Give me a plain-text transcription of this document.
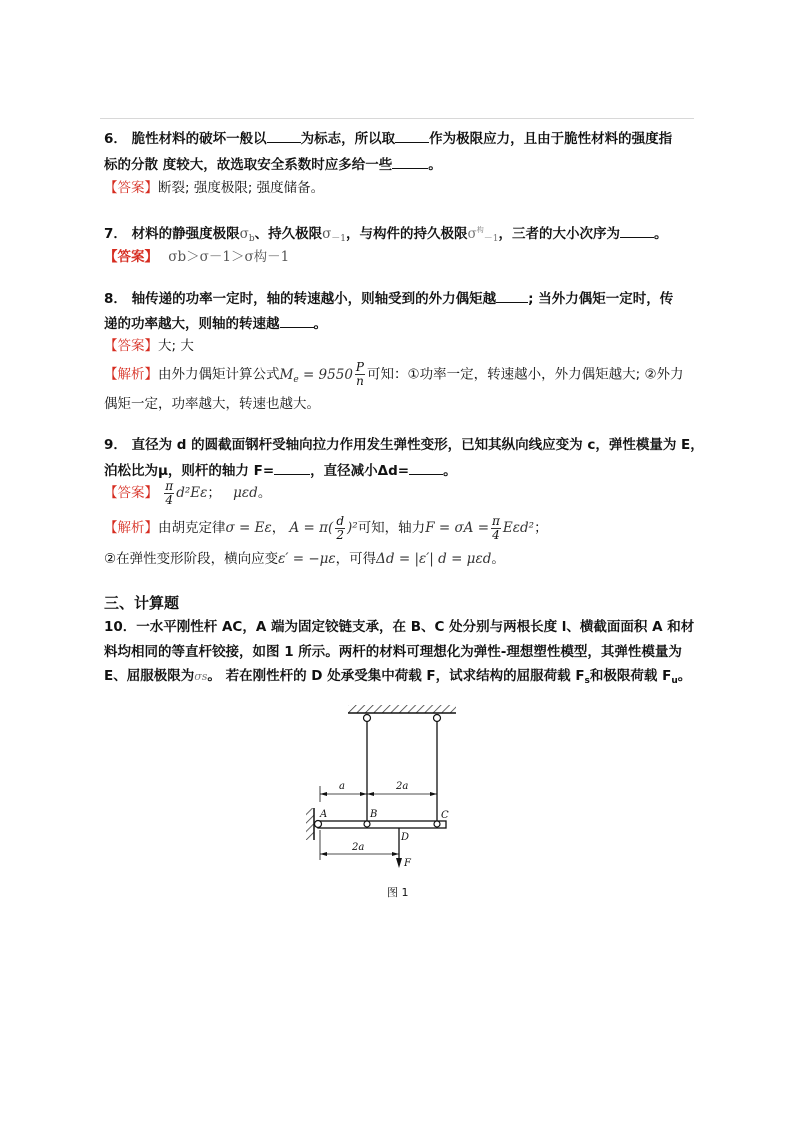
6． 脆性材料的破坏一般以	为标志，所以取	作为极限应力，且由于脆性材料的强度指
标的分散 度较大，故选取安全系数时应多给一些	。
【答案】断裂; 强度极限; 强度储备。
7． 材料的静强度极限$\sigma_b$、持久极限$\sigma_{-1}$，与构件的持久极限$\sigma^构_{-1}$，三者的大小次序为	。
【答案】 σb＞σ－1＞σ构－1
8． 轴传递的功率一定时，轴的转速越小，则轴受到的外力偶矩越 ; 当外力偶矩一定时，传
递的功率越大，则轴的转速越	。
【答案】大; 大
【解析】由外力偶矩计算公式$M_e = 9550 \frac{P}{n}$ 可知：①功率一定，转速越小，外力偶矩越大; ②外力
偶矩一定，功率越大，转速也越大。
9． 直径为 d 的圆截面钢杆受轴向拉力作用发生弹性变形，已知其纵向线应变为 c，弹性模量为 E，
泊松比为μ，则杆的轴力 F=	，直径减小Δd=	。
【答案】 $\frac{\pi}{4} d^2E\varepsilon$； μεd。
【解析】由胡克定律σ = Eε， $A = \pi( \frac{d}{2} )^2$可知，轴力$F = \sigma A = \frac{\pi}{4} E\varepsilon d^2$；
②在弹性变形阶段，横向应变ε′ = −με，可得Δd = |ε′| d = μεd。
三、计算题
10．一水平刚性杆 AC，A 端为固定铰链支承，在 B、C 处分别与两根长度 l、横截面面积 A 和材
料均相同的等直杆铰接，如图 1 所示。两杆的材料可理想化为弹性-理想塑性模型，其弹性模量为
E、屈服极限为σs。 若在刚性杆的 D 处承受集中荷载 F，试求结构的屈服荷载 $F_s$和极限荷载 $F_u$。
a	2a
A	B	C
D
2a
F
图 1
